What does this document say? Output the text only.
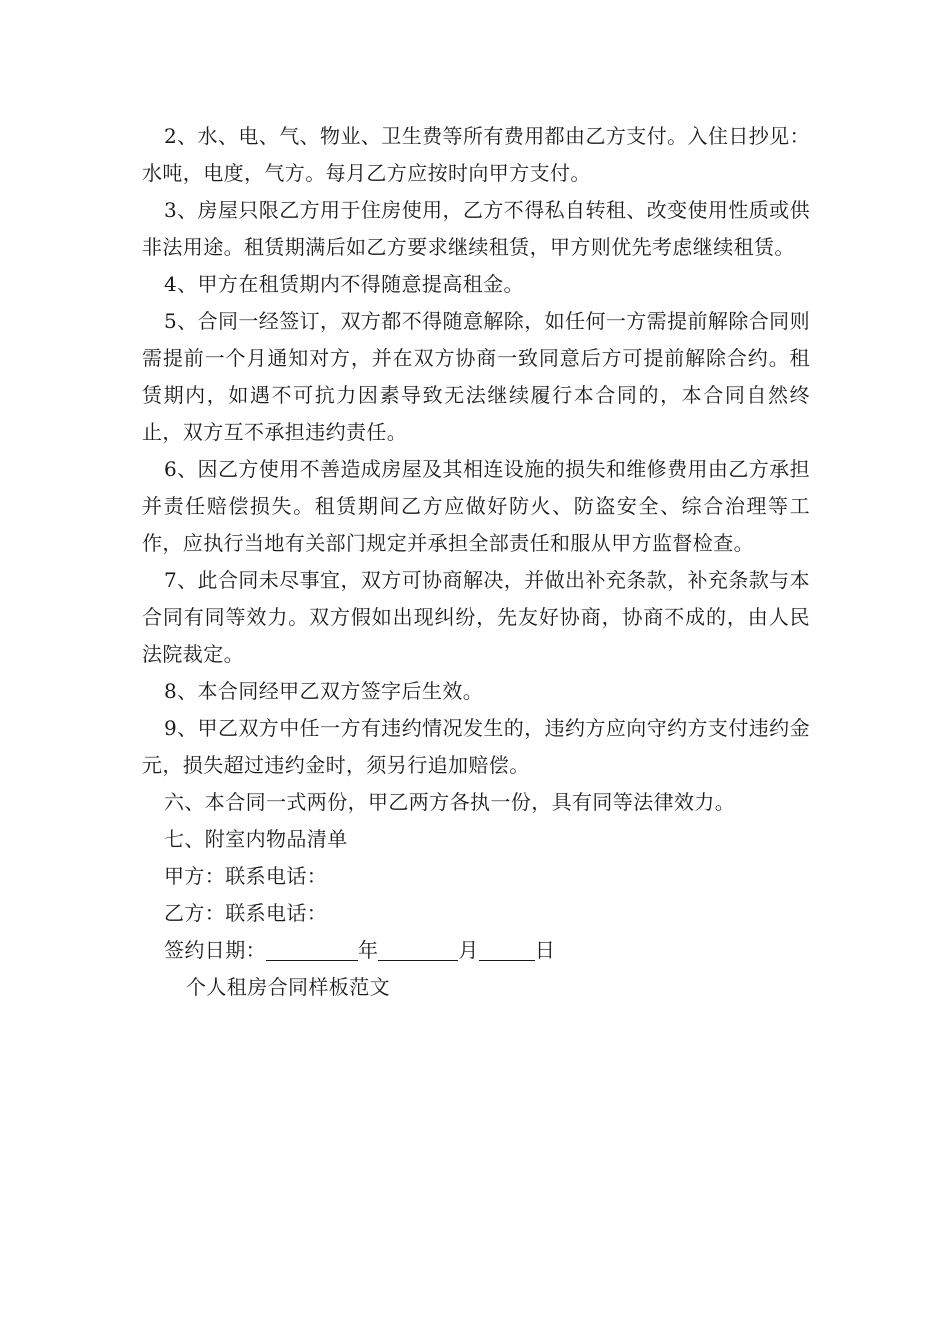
2、水、电、气、物业、卫生费等所有费用都由乙方支付。入住日抄见：水吨，电度，气方。每月乙方应按时向甲方支付。

3、房屋只限乙方用于住房使用，乙方不得私自转租、改变使用性质或供非法用途。租赁期满后如乙方要求继续租赁，甲方则优先考虑继续租赁。

4、甲方在租赁期内不得随意提高租金。

5、合同一经签订，双方都不得随意解除，如任何一方需提前解除合同则需提前一个月通知对方，并在双方协商一致同意后方可提前解除合约。租赁期内，如遇不可抗力因素导致无法继续履行本合同的，本合同自然终止，双方互不承担违约责任。

6、因乙方使用不善造成房屋及其相连设施的损失和维修费用由乙方承担并责任赔偿损失。租赁期间乙方应做好防火、防盗安全、综合治理等工作，应执行当地有关部门规定并承担全部责任和服从甲方监督检查。

7、此合同未尽事宜，双方可协商解决，并做出补充条款，补充条款与本合同有同等效力。双方假如出现纠纷，先友好协商，协商不成的，由人民法院裁定。

8、本合同经甲乙双方签字后生效。

9、甲乙双方中任一方有违约情况发生的，违约方应向守约方支付违约金元，损失超过违约金时，须另行追加赔偿。

六、本合同一式两份，甲乙两方各执一份，具有同等法律效力。

七、附室内物品清单

甲方：联系电话：

乙方：联系电话：

签约日期：	年	月	日

个人租房合同样板范文
